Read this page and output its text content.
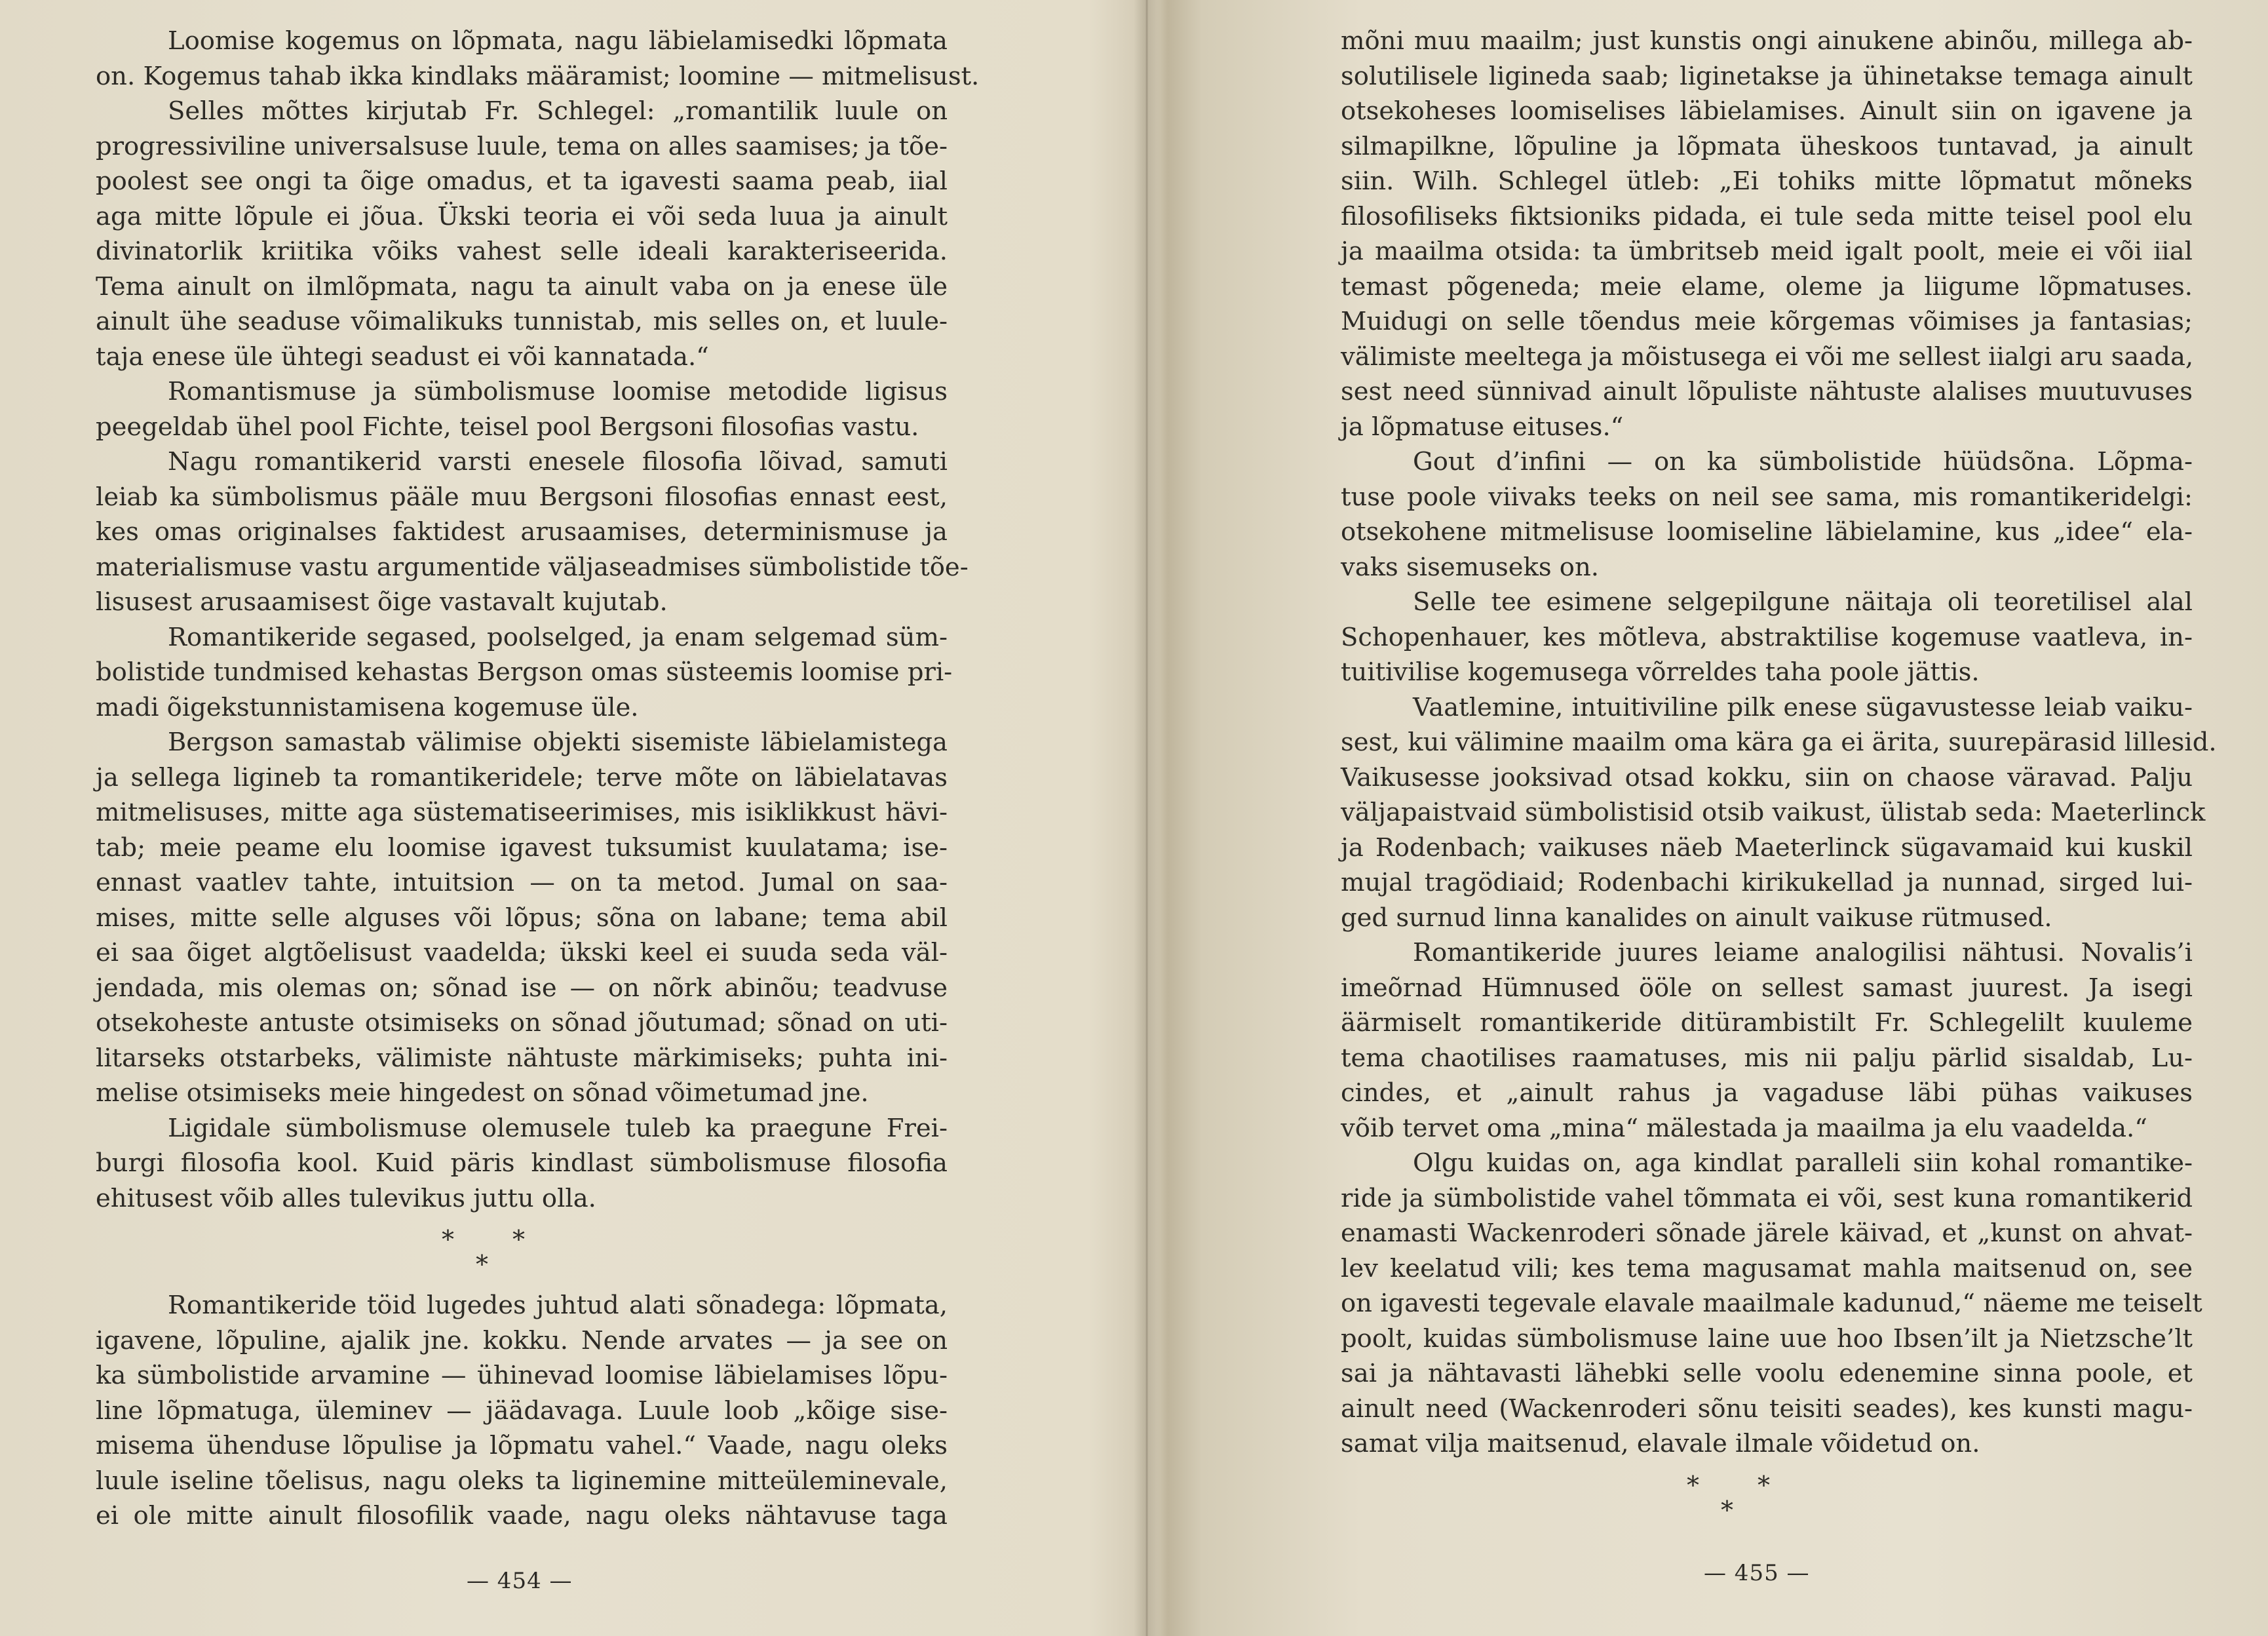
Loomise kogemus on lõpmata, nagu läbielamisedki lõpmata
on. Kogemus tahab ikka kindlaks määramist; loomine — mitmelisust.
Selles mõttes kirjutab Fr. Schlegel: „romantilik luule on
progressiviline universalsuse luule, tema on alles saamises; ja tõe-
poolest see ongi ta õige omadus, et ta igavesti saama peab, iial
aga mitte lõpule ei jõua. Ükski teoria ei või seda luua ja ainult
divinatorlik kriitika võiks vahest selle ideali karakteriseerida.
Tema ainult on ilmlõpmata, nagu ta ainult vaba on ja enese üle
ainult ühe seaduse võimalikuks tunnistab, mis selles on, et luule-
taja enese üle ühtegi seadust ei või kannatada.“
Romantismuse ja sümbolismuse loomise metodide ligisus
peegeldab ühel pool Fichte, teisel pool Bergsoni filosofias vastu.
Nagu romantikerid varsti enesele filosofia lõivad, samuti
leiab ka sümbolismus pääle muu Bergsoni filosofias ennast eest,
kes omas originalses faktidest arusaamises, determinismuse ja
materialismuse vastu argumentide väljaseadmises sümbolistide tõe-
lisusest arusaamisest õige vastavalt kujutab.
Romantikeride segased, poolselged, ja enam selgemad süm-
bolistide tundmised kehastas Bergson omas süsteemis loomise pri-
madi õigekstunnistamisena kogemuse üle.
Bergson samastab välimise objekti sisemiste läbielamistega
ja sellega ligineb ta romantikeridele; terve mõte on läbielatavas
mitmelisuses, mitte aga süstematiseerimises, mis isiklikkust hävi-
tab; meie peame elu loomise igavest tuksumist kuulatama; ise-
ennast vaatlev tahte, intuitsion — on ta metod. Jumal on saa-
mises, mitte selle alguses või lõpus; sõna on labane; tema abil
ei saa õiget algtõelisust vaadelda; ükski keel ei suuda seda väl-
jendada, mis olemas on; sõnad ise — on nõrk abinõu; teadvuse
otsekoheste antuste otsimiseks on sõnad jõutumad; sõnad on uti-
litarseks otstarbeks, välimiste nähtuste märkimiseks; puhta ini-
melise otsimiseks meie hingedest on sõnad võimetumad jne.
Ligidale sümbolismuse olemusele tuleb ka praegune Frei-
burgi filosofia kool. Kuid päris kindlast sümbolismuse filosofia
ehitusest võib alles tulevikus juttu olla.
* *
*
Romantikeride töid lugedes juhtud alati sõnadega: lõpmata,
igavene, lõpuline, ajalik jne. kokku. Nende arvates — ja see on
ka sümbolistide arvamine — ühinevad loomise läbielamises lõpu-
line lõpmatuga, üleminev — jäädavaga. Luule loob „kõige sise-
misema ühenduse lõpulise ja lõpmatu vahel.“ Vaade, nagu oleks
luule iseline tõelisus, nagu oleks ta liginemine mitteüleminevale,
ei ole mitte ainult filosofilik vaade, nagu oleks nähtavuse taga
— 454 —
mõni muu maailm; just kunstis ongi ainukene abinõu, millega ab-
solutilisele ligineda saab; liginetakse ja ühinetakse temaga ainult
otsekoheses loomiselises läbielamises. Ainult siin on igavene ja
silmapilkne, lõpuline ja lõpmata üheskoos tuntavad, ja ainult
siin. Wilh. Schlegel ütleb: „Ei tohiks mitte lõpmatut mõneks
filosofiliseks fiktsioniks pidada, ei tule seda mitte teisel pool elu
ja maailma otsida: ta ümbritseb meid igalt poolt, meie ei või iial
temast põgeneda; meie elame, oleme ja liigume lõpmatuses.
Muidugi on selle tõendus meie kõrgemas võimises ja fantasias;
välimiste meeltega ja mõistusega ei või me sellest iialgi aru saada,
sest need sünnivad ainult lõpuliste nähtuste alalises muutuvuses
ja lõpmatuse eituses.“
Gout d’infini — on ka sümbolistide hüüdsõna. Lõpma-
tuse poole viivaks teeks on neil see sama, mis romantikeridelgi:
otsekohene mitmelisuse loomiseline läbielamine, kus „idee“ ela-
vaks sisemuseks on.
Selle tee esimene selgepilgune näitaja oli teoretilisel alal
Schopenhauer, kes mõtleva, abstraktilise kogemuse vaatleva, in-
tuitivilise kogemusega võrreldes taha poole jättis.
Vaatlemine, intuitiviline pilk enese sügavustesse leiab vaiku-
sest, kui välimine maailm oma kära ga ei ärita, suurepärasid lillesid.
Vaikusesse jooksivad otsad kokku, siin on chaose väravad. Palju
väljapaistvaid sümbolistisid otsib vaikust, ülistab seda: Maeterlinck
ja Rodenbach; vaikuses näeb Maeterlinck sügavamaid kui kuskil
mujal tragödiaid; Rodenbachi kirikukellad ja nunnad, sirged lui-
ged surnud linna kanalides on ainult vaikuse rütmused.
Romantikeride juures leiame analogilisi nähtusi. Novalis’i
imeõrnad Hümnused ööle on sellest samast juurest. Ja isegi
äärmiselt romantikeride ditürambistilt Fr. Schlegelilt kuuleme
tema chaotilises raamatuses, mis nii palju pärlid sisaldab, Lu-
cindes, et „ainult rahus ja vagaduse läbi pühas vaikuses
võib tervet oma „mina“ mälestada ja maailma ja elu vaadelda.“
Olgu kuidas on, aga kindlat paralleli siin kohal romantike-
ride ja sümbolistide vahel tõmmata ei või, sest kuna romantikerid
enamasti Wackenroderi sõnade järele käivad, et „kunst on ahvat-
lev keelatud vili; kes tema magusamat mahla maitsenud on, see
on igavesti tegevale elavale maailmale kadunud,“ näeme me teiselt
poolt, kuidas sümbolismuse laine uue hoo Ibsen’ilt ja Nietzsche’lt
sai ja nähtavasti lähebki selle voolu edenemine sinna poole, et
ainult need (Wackenroderi sõnu teisiti seades), kes kunsti magu-
samat vilja maitsenud, elavale ilmale võidetud on.
* *
*
— 455 —
